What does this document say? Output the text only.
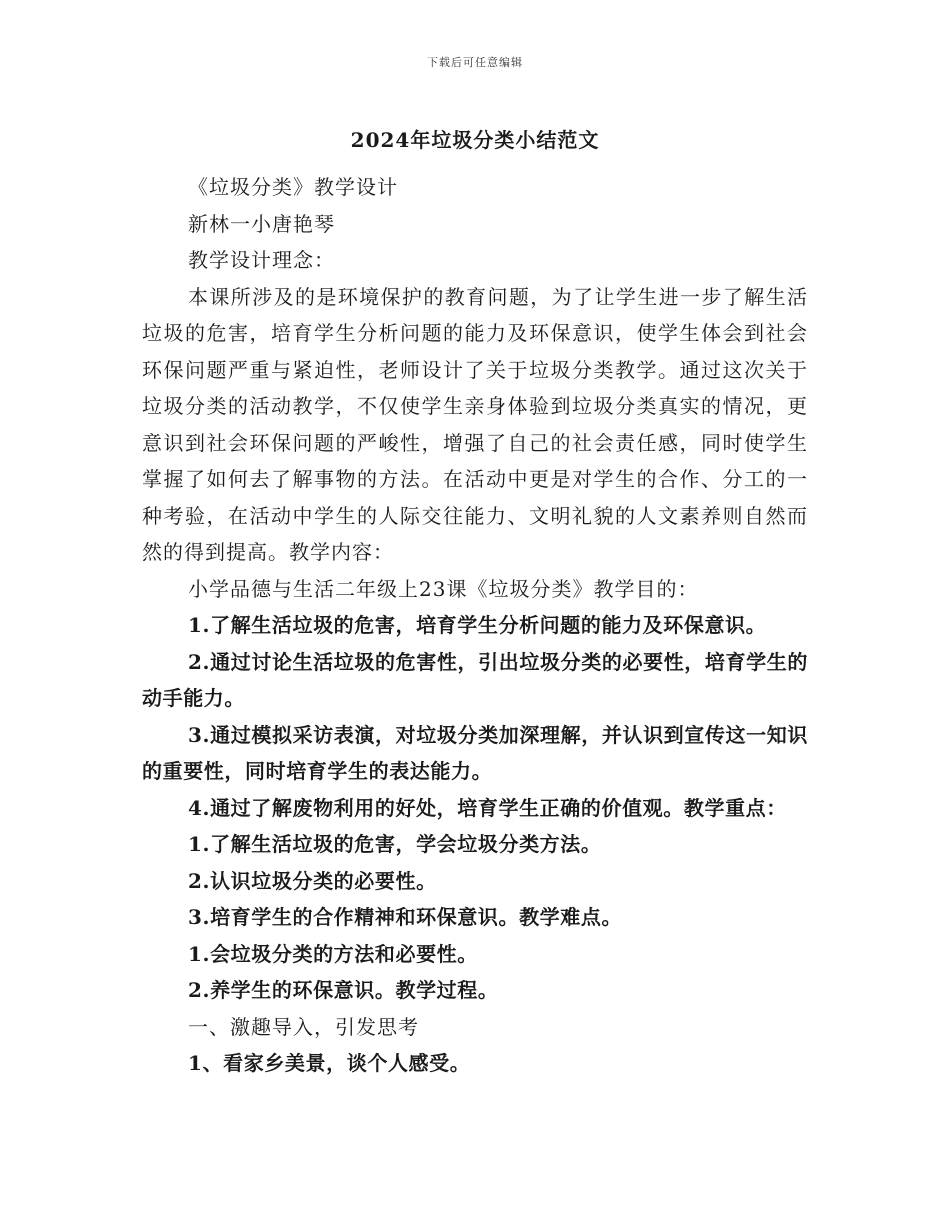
下载后可任意编辑
2024年垃圾分类小结范文

《垃圾分类》教学设计

新林一小唐艳琴

教学设计理念：

本课所涉及的是环境保护的教育问题，为了让学生进一步了解生活垃圾的危害，培育学生分析问题的能力及环保意识，使学生体会到社会环保问题严重与紧迫性，老师设计了关于垃圾分类教学。通过这次关于垃圾分类的活动教学，不仅使学生亲身体验到垃圾分类真实的情况，更意识到社会环保问题的严峻性，增强了自己的社会责任感，同时使学生掌握了如何去了解事物的方法。在活动中更是对学生的合作、分工的一种考验，在活动中学生的人际交往能力、文明礼貌的人文素养则自然而然的得到提高。教学内容：

小学品德与生活二年级上23课《垃圾分类》教学目的：

1.了解生活垃圾的危害，培育学生分析问题的能力及环保意识。

2.通过讨论生活垃圾的危害性，引出垃圾分类的必要性，培育学生的动手能力。

3.通过模拟采访表演，对垃圾分类加深理解，并认识到宣传这一知识的重要性，同时培育学生的表达能力。

4.通过了解废物利用的好处，培育学生正确的价值观。教学重点：

1.了解生活垃圾的危害，学会垃圾分类方法。

2.认识垃圾分类的必要性。

3.培育学生的合作精神和环保意识。教学难点。

1.会垃圾分类的方法和必要性。

2.养学生的环保意识。教学过程。

一、激趣导入，引发思考

1、看家乡美景，谈个人感受。
